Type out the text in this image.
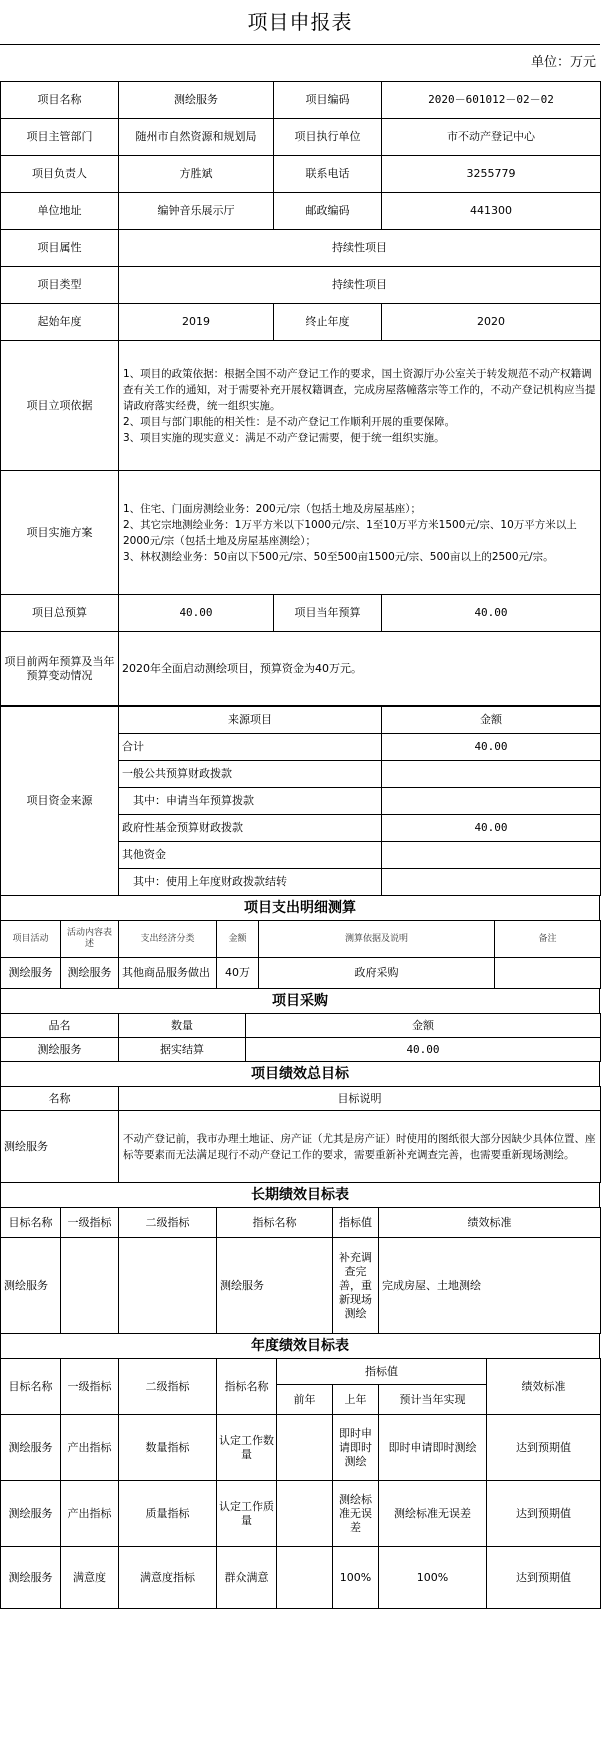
项目申报表
单位：万元
项目名称	测绘服务	项目编码	2020－601012－02－02
项目主管部门	随州市自然资源和规划局	项目执行单位	市不动产登记中心
项目负责人	方胜斌	联系电话	3255779
单位地址	编钟音乐展示厅	邮政编码	441300
项目属性	持续性项目		
项目类型	持续性项目		
起始年度	2019	终止年度	2020
项目立项依据	1、项目的政策依据：根据全国不动产登记工作的要求，国土资源厅办公室关于转发规范不动产权籍调查有关工作的通知，对于需要补充开展权籍调查，完成房屋落幢落宗等工作的，不动产登记机构应当提请政府落实经费，统一组织实施。
2、项目与部门职能的相关性：是不动产登记工作顺利开展的重要保障。
3、项目实施的现实意义：满足不动产登记需要，便于统一组织实施。		

项目实施方案	1、住宅、门面房测绘业务：200元/宗（包括土地及房屋基座）；
2、其它宗地测绘业务：1万平方米以下1000元/宗、1至10万平方米1500元/宗、10万平方米以上2000元/宗（包括土地及房屋基座测绘）；
3、林权测绘业务：50亩以下500元/宗、50至500亩1500元/宗、500亩以上的2500元/宗。		

项目总预算	40.00	项目当年预算	40.00
项目前两年预算及当年预算变动情况	2020年全面启动测绘项目，预算资金为40万元。		
项目资金来源	来源项目	金额
	合计	40.00
	一般公共预算财政拨款	
	其中：申请当年预算拨款	
	政府性基金预算财政拨款	40.00
	其他资金	
	其中：使用上年度财政拨款结转	
项目支出明细测算
项目活动	活动内容表述	支出经济分类	金额	测算依据及说明	备注
测绘服务	测绘服务	其他商品服务做出	40万	政府采购	
项目采购
品名	数量	金额
测绘服务	据实结算	40.00
项目绩效总目标
名称	目标说明
测绘服务	不动产登记前，我市办理土地证、房产证（尤其是房产证）时使用的图纸很大部分因缺少具体位置、座标等要素而无法满足现行不动产登记工作的要求，需要重新补充调查完善，也需要重新现场测绘。
长期绩效目标表
目标名称	一级指标	二级指标	指标名称	指标值	绩效标准
测绘服务			测绘服务	补充调查完善，重新现场测绘	完成房屋、土地测绘
年度绩效目标表
目标名称	一级指标	二级指标	指标名称	指标值			绩效标准
				前年	上年	预计当年实现	
测绘服务	产出指标	数量指标	认定工作数量		即时申请即时测绘	即时申请即时测绘	达到预期值
测绘服务	产出指标	质量指标	认定工作质量		测绘标准无误差	测绘标准无误差	达到预期值
测绘服务	满意度	满意度指标	群众满意		100%	100%	达到预期值
